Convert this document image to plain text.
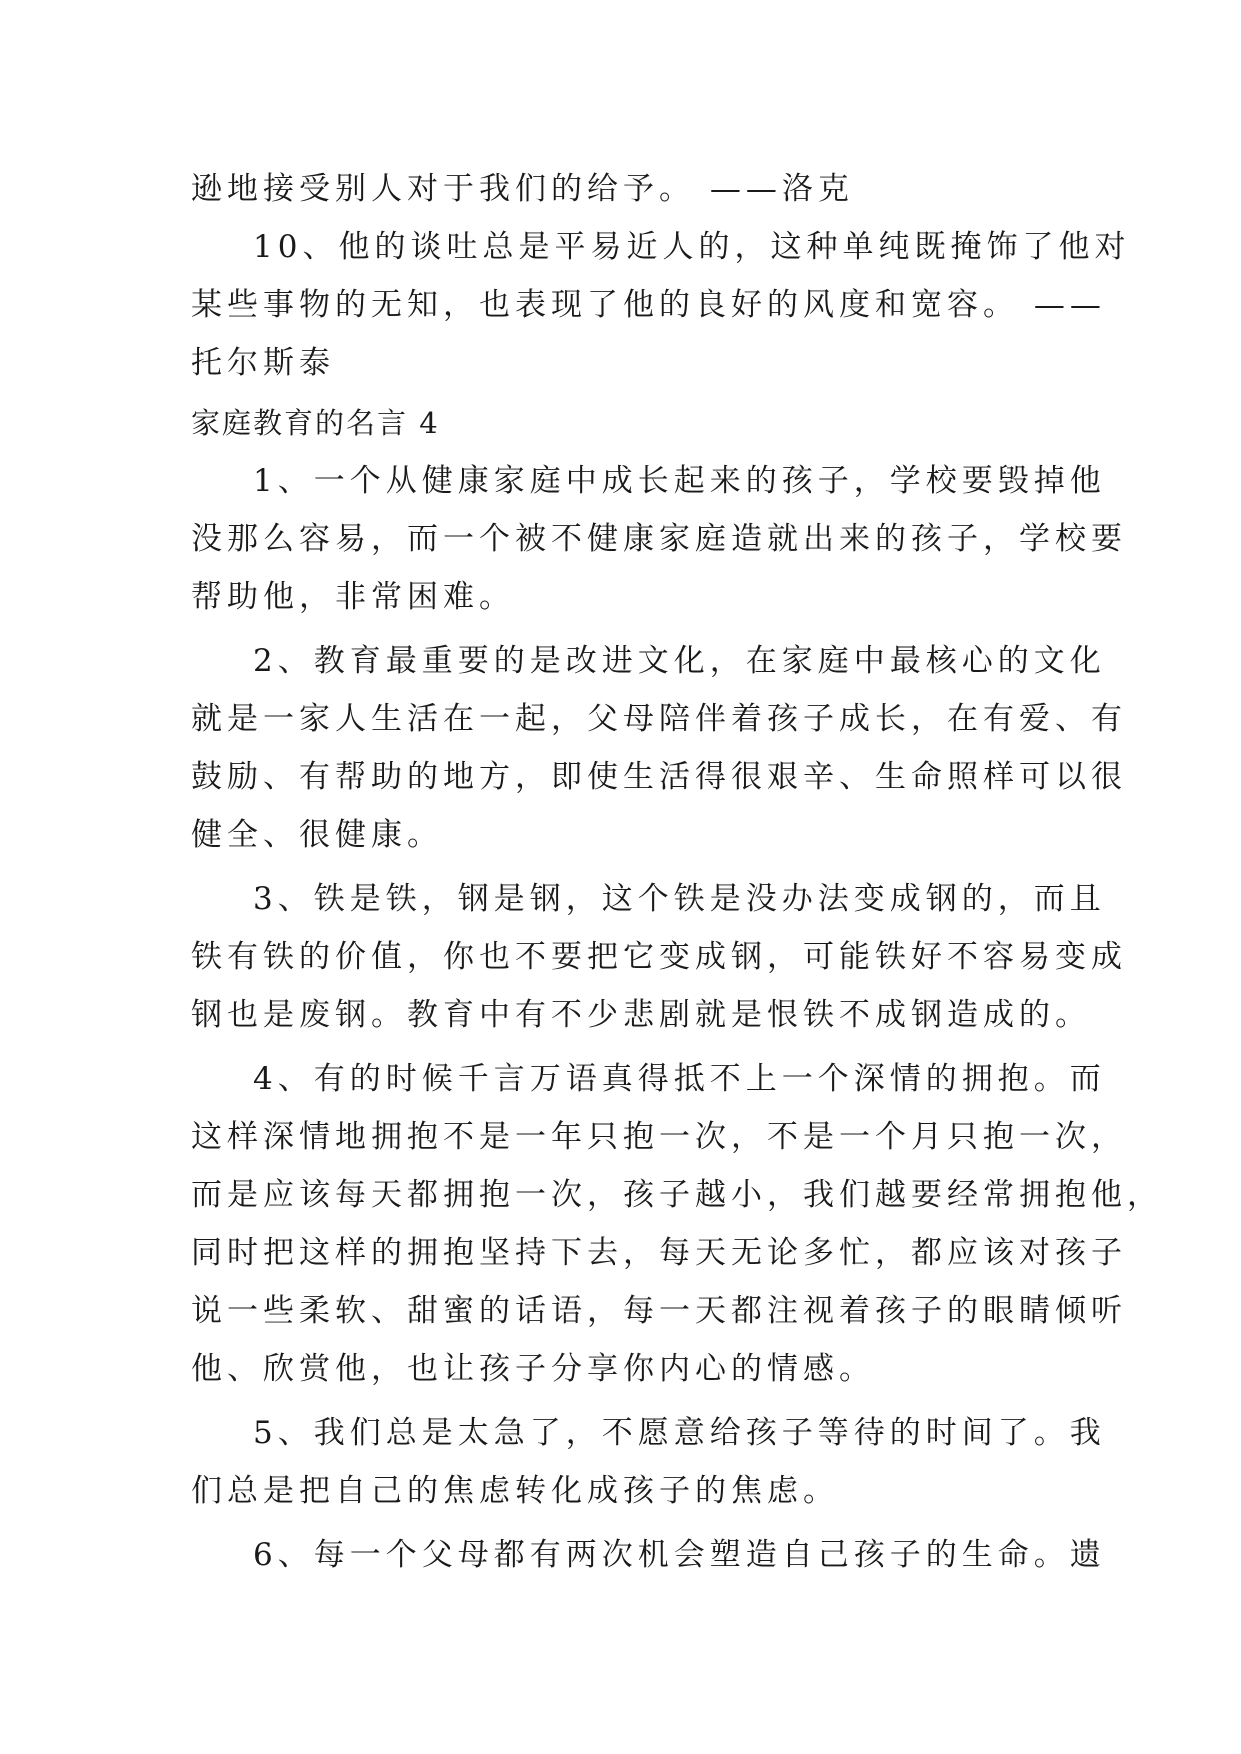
逊地接受别人对于我们的给予。 ——洛克
10、他的谈吐总是平易近人的，这种单纯既掩饰了他对
某些事物的无知，也表现了他的良好的风度和宽容。 ——
托尔斯泰
家庭教育的名言 4
1、一个从健康家庭中成长起来的孩子，学校要毁掉他
没那么容易，而一个被不健康家庭造就出来的孩子，学校要
帮助他，非常困难。
2、教育最重要的是改进文化，在家庭中最核心的文化
就是一家人生活在一起，父母陪伴着孩子成长，在有爱、有
鼓励、有帮助的地方，即使生活得很艰辛、生命照样可以很
健全、很健康。
3、铁是铁，钢是钢，这个铁是没办法变成钢的，而且
铁有铁的价值，你也不要把它变成钢，可能铁好不容易变成
钢也是废钢。教育中有不少悲剧就是恨铁不成钢造成的。
4、有的时候千言万语真得抵不上一个深情的拥抱。而
这样深情地拥抱不是一年只抱一次，不是一个月只抱一次，
而是应该每天都拥抱一次，孩子越小，我们越要经常拥抱他，
同时把这样的拥抱坚持下去，每天无论多忙，都应该对孩子
说一些柔软、甜蜜的话语，每一天都注视着孩子的眼睛倾听
他、欣赏他，也让孩子分享你内心的情感。
5、我们总是太急了，不愿意给孩子等待的时间了。我
们总是把自己的焦虑转化成孩子的焦虑。
6、每一个父母都有两次机会塑造自己孩子的生命。遗
